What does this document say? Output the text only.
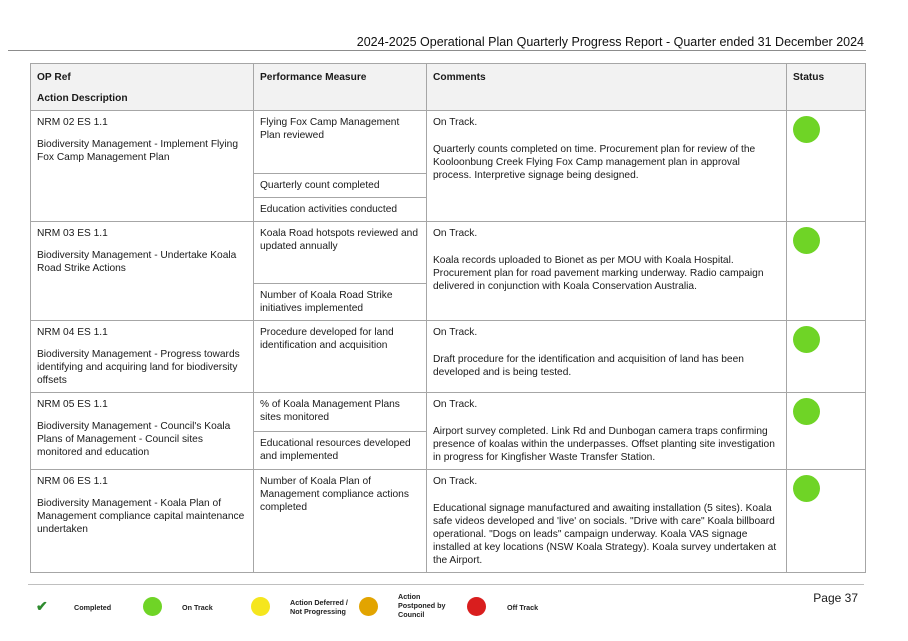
2024-2025 Operational Plan Quarterly Progress Report - Quarter ended 31 December 2024
OP Ref
Action Description	Performance Measure	Comments	Status

NRM 02 ES 1.1
Biodiversity Management - Implement Flying Fox Camp Management Plan	Flying Fox Camp Management Plan reviewed	On Track.
Quarterly counts completed on time. Procurement plan for review of the Kooloonbung Creek Flying Fox Camp management plan in approval process. Interpretive signage being designed.	
	Quarterly count completed		
	Education activities conducted		

NRM 03 ES 1.1
Biodiversity Management - Undertake Koala Road Strike Actions	Koala Road hotspots reviewed and updated annually	On Track.
Koala records uploaded to Bionet as per MOU with Koala Hospital. Procurement plan for road pavement marking underway. Radio campaign delivered in conjunction with Koala Conservation Australia.	
	Number of Koala Road Strike initiatives implemented		

NRM 04 ES 1.1
Biodiversity Management - Progress towards identifying and acquiring land for biodiversity offsets	Procedure developed for land identification and acquisition	On Track.
Draft procedure for the identification and acquisition of land has been developed and is being tested.	

NRM 05 ES 1.1
Biodiversity Management - Council's Koala Plans of Management - Council sites monitored and education	% of Koala Management Plans sites monitored	On Track.
Airport survey completed. Link Rd and Dunbogan camera traps confirming presence of koalas within the underpasses. Offset planting site investigation in progress for Kingfisher Waste Transfer Station.	
	Educational resources developed and implemented		

NRM 06 ES 1.1
Biodiversity Management - Koala Plan of Management compliance capital maintenance undertaken	Number of Koala Plan of Management compliance actions completed	On Track.
Educational signage manufactured and awaiting installation (5 sites). Koala safe videos developed and 'live' on socials. "Drive with care" Koala billboard operational. "Dogs on leads" campaign underway. Koala VAS signage installed at key locations (NSW Koala Strategy). Koala survey undertaken at the Airport.	
✔	Completed	On Track
Action Deferred / Not Progressing
Action Postponed by Council
Off Track
Page 37
